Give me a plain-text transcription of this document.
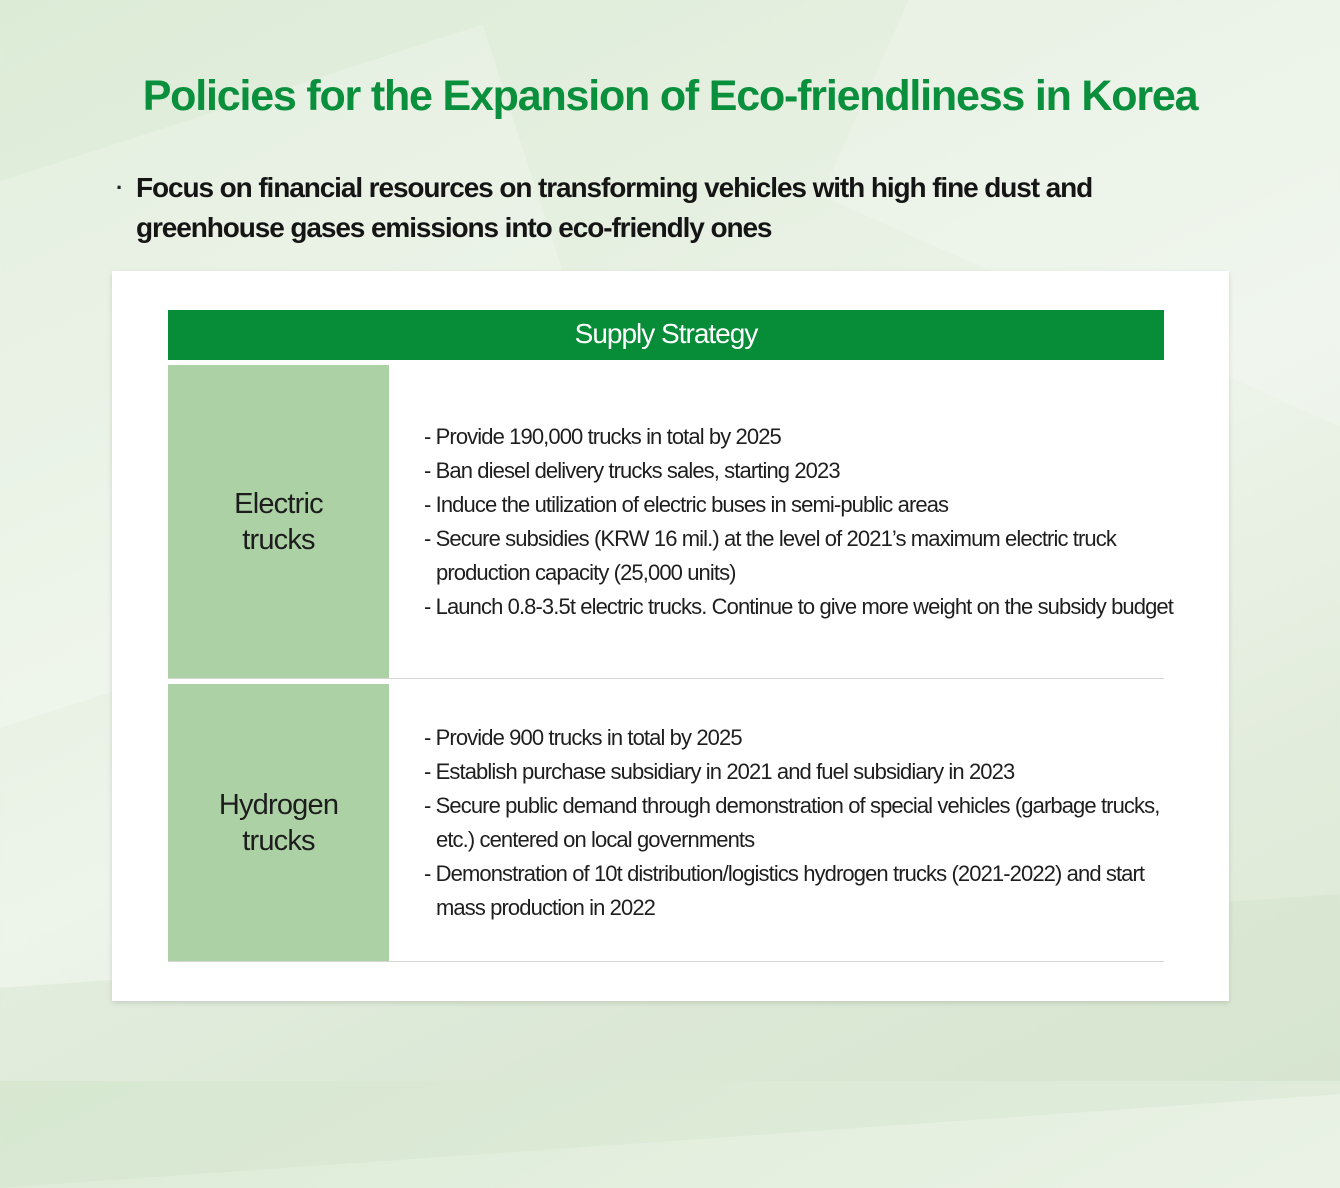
Policies for the Expansion of Eco-friendliness in Korea
· Focus on financial resources on transforming vehicles with high fine dust and greenhouse gases emissions into eco-friendly ones
Supply Strategy
Electric trucks

- Provide 190,000 trucks in total by 2025

- Ban diesel delivery trucks sales, starting 2023

- Induce the utilization of electric buses in semi-public areas

- Secure subsidies (KRW 16 mil.) at the level of 2021’s maximum electric truck production capacity (25,000 units)

- Launch 0.8-3.5t electric trucks. Continue to give more weight on the subsidy budget

Hydrogen trucks

- Provide 900 trucks in total by 2025

- Establish purchase subsidiary in 2021 and fuel subsidiary in 2023

- Secure public demand through demonstration of special vehicles (garbage trucks, etc.) centered on local governments

- Demonstration of 10t distribution/logistics hydrogen trucks (2021-2022) and start mass production in 2022
